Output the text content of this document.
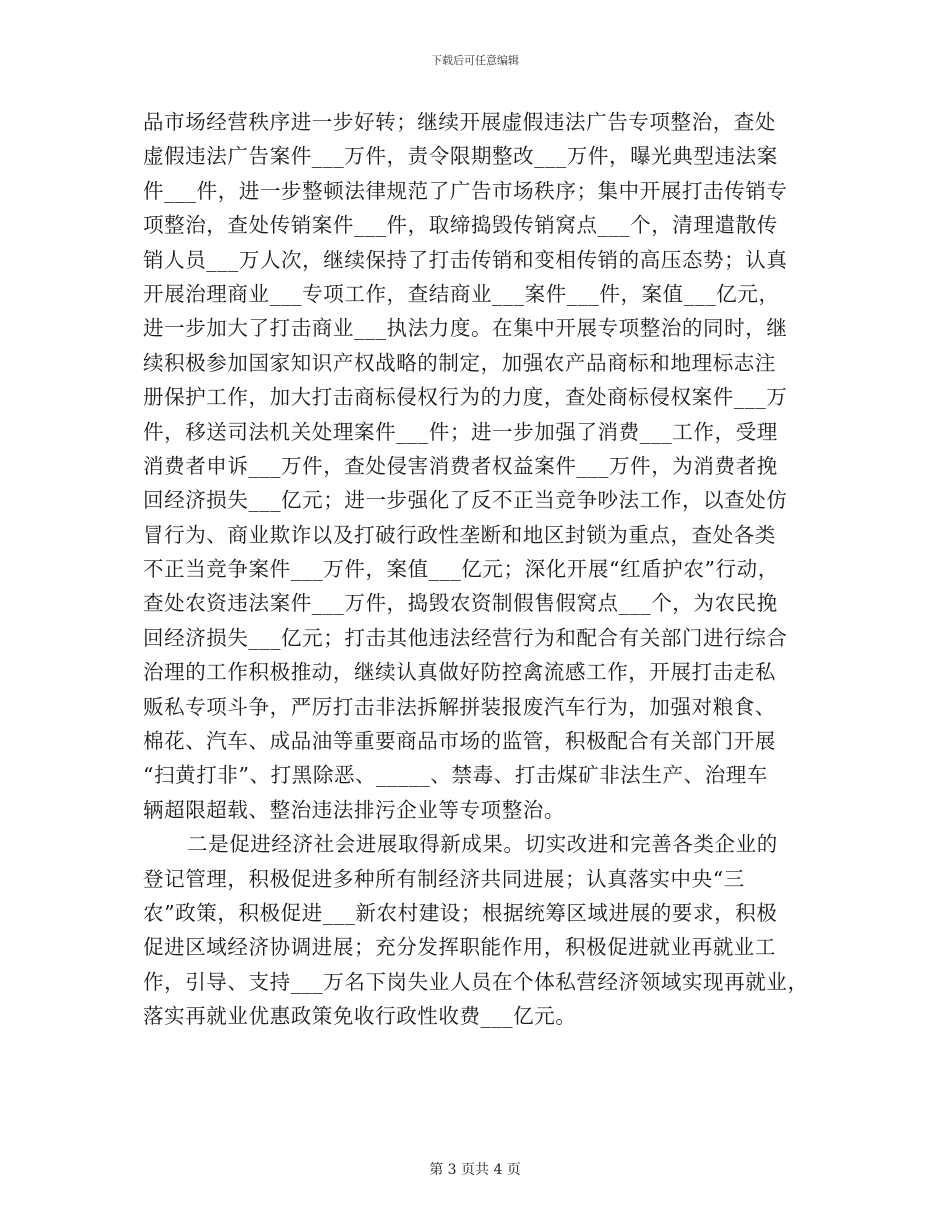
下载后可任意编辑
品市场经营秩序进一步好转；继续开展虚假违法广告专项整治，查处
虚假违法广告案件___万件，责令限期整改___万件，曝光典型违法案
件___件，进一步整顿法律规范了广告市场秩序；集中开展打击传销专
项整治，查处传销案件___件，取缔捣毁传销窝点___个，清理遣散传
销人员___万人次，继续保持了打击传销和变相传销的高压态势；认真
开展治理商业___专项工作，查结商业___案件___件，案值___亿元，
进一步加大了打击商业___执法力度。在集中开展专项整治的同时，继
续积极参加国家知识产权战略的制定，加强农产品商标和地理标志注
册保护工作，加大打击商标侵权行为的力度，查处商标侵权案件___万
件，移送司法机关处理案件___件；进一步加强了消费___工作，受理
消费者申诉___万件，查处侵害消费者权益案件___万件，为消费者挽
回经济损失___亿元；进一步强化了反不正当竞争吵法工作，以查处仿
冒行为、商业欺诈以及打破行政性垄断和地区封锁为重点，查处各类
不正当竞争案件___万件，案值___亿元；深化开展“红盾护农”行动，
查处农资违法案件___万件，捣毁农资制假售假窝点___个，为农民挽
回经济损失___亿元；打击其他违法经营行为和配合有关部门进行综合
治理的工作积极推动，继续认真做好防控禽流感工作，开展打击走私
贩私专项斗争，严厉打击非法拆解拼装报废汽车行为，加强对粮食、
棉花、汽车、成品油等重要商品市场的监管，积极配合有关部门开展
“扫黄打非”、打黑除恶、_____、禁毒、打击煤矿非法生产、治理车
辆超限超载、整治违法排污企业等专项整治。
二是促进经济社会进展取得新成果。切实改进和完善各类企业的
登记管理，积极促进多种所有制经济共同进展；认真落实中央“三
农”政策，积极促进___新农村建设；根据统筹区域进展的要求，积极
促进区域经济协调进展；充分发挥职能作用，积极促进就业再就业工
作，引导、支持___万名下岗失业人员在个体私营经济领域实现再就业，
落实再就业优惠政策免收行政性收费___亿元。
第 3 页共 4 页
